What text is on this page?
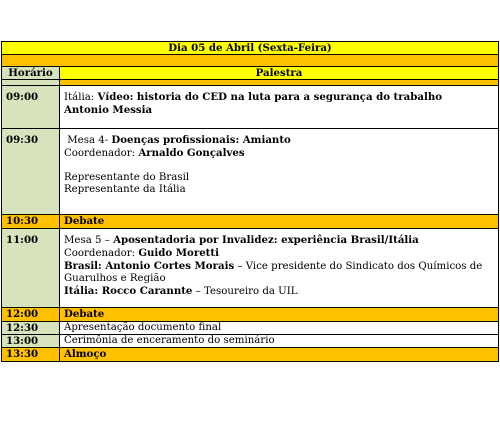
Dia 05 de Abril (Sexta-Feira)	

Horário	Palestra

09:00	Itália: Vídeo: historia do CED na luta para a segurança do trabalho
Antonio Messia

09:30	Mesa 4- Doenças profissionais: Amianto
Coordenador: Arnaldo Gonçalves
Representante do Brasil
Representante da Itália

10:30	Debate
11:00	Mesa 5 – Aposentadoria por Invalidez: experiência Brasil/Itália
Coordenador: Guido Moretti
Brasil: Antonio Cortes Morais – Vice presidente do Sindicato dos Químicos de
Guarulhos e Região
Itália: Rocco Carannte – Tesoureiro da UIL

12:00	Debate
12:30	Apresentação documento final
13:00	Cerimônia de enceramento do seminário
13:30	Almoço
